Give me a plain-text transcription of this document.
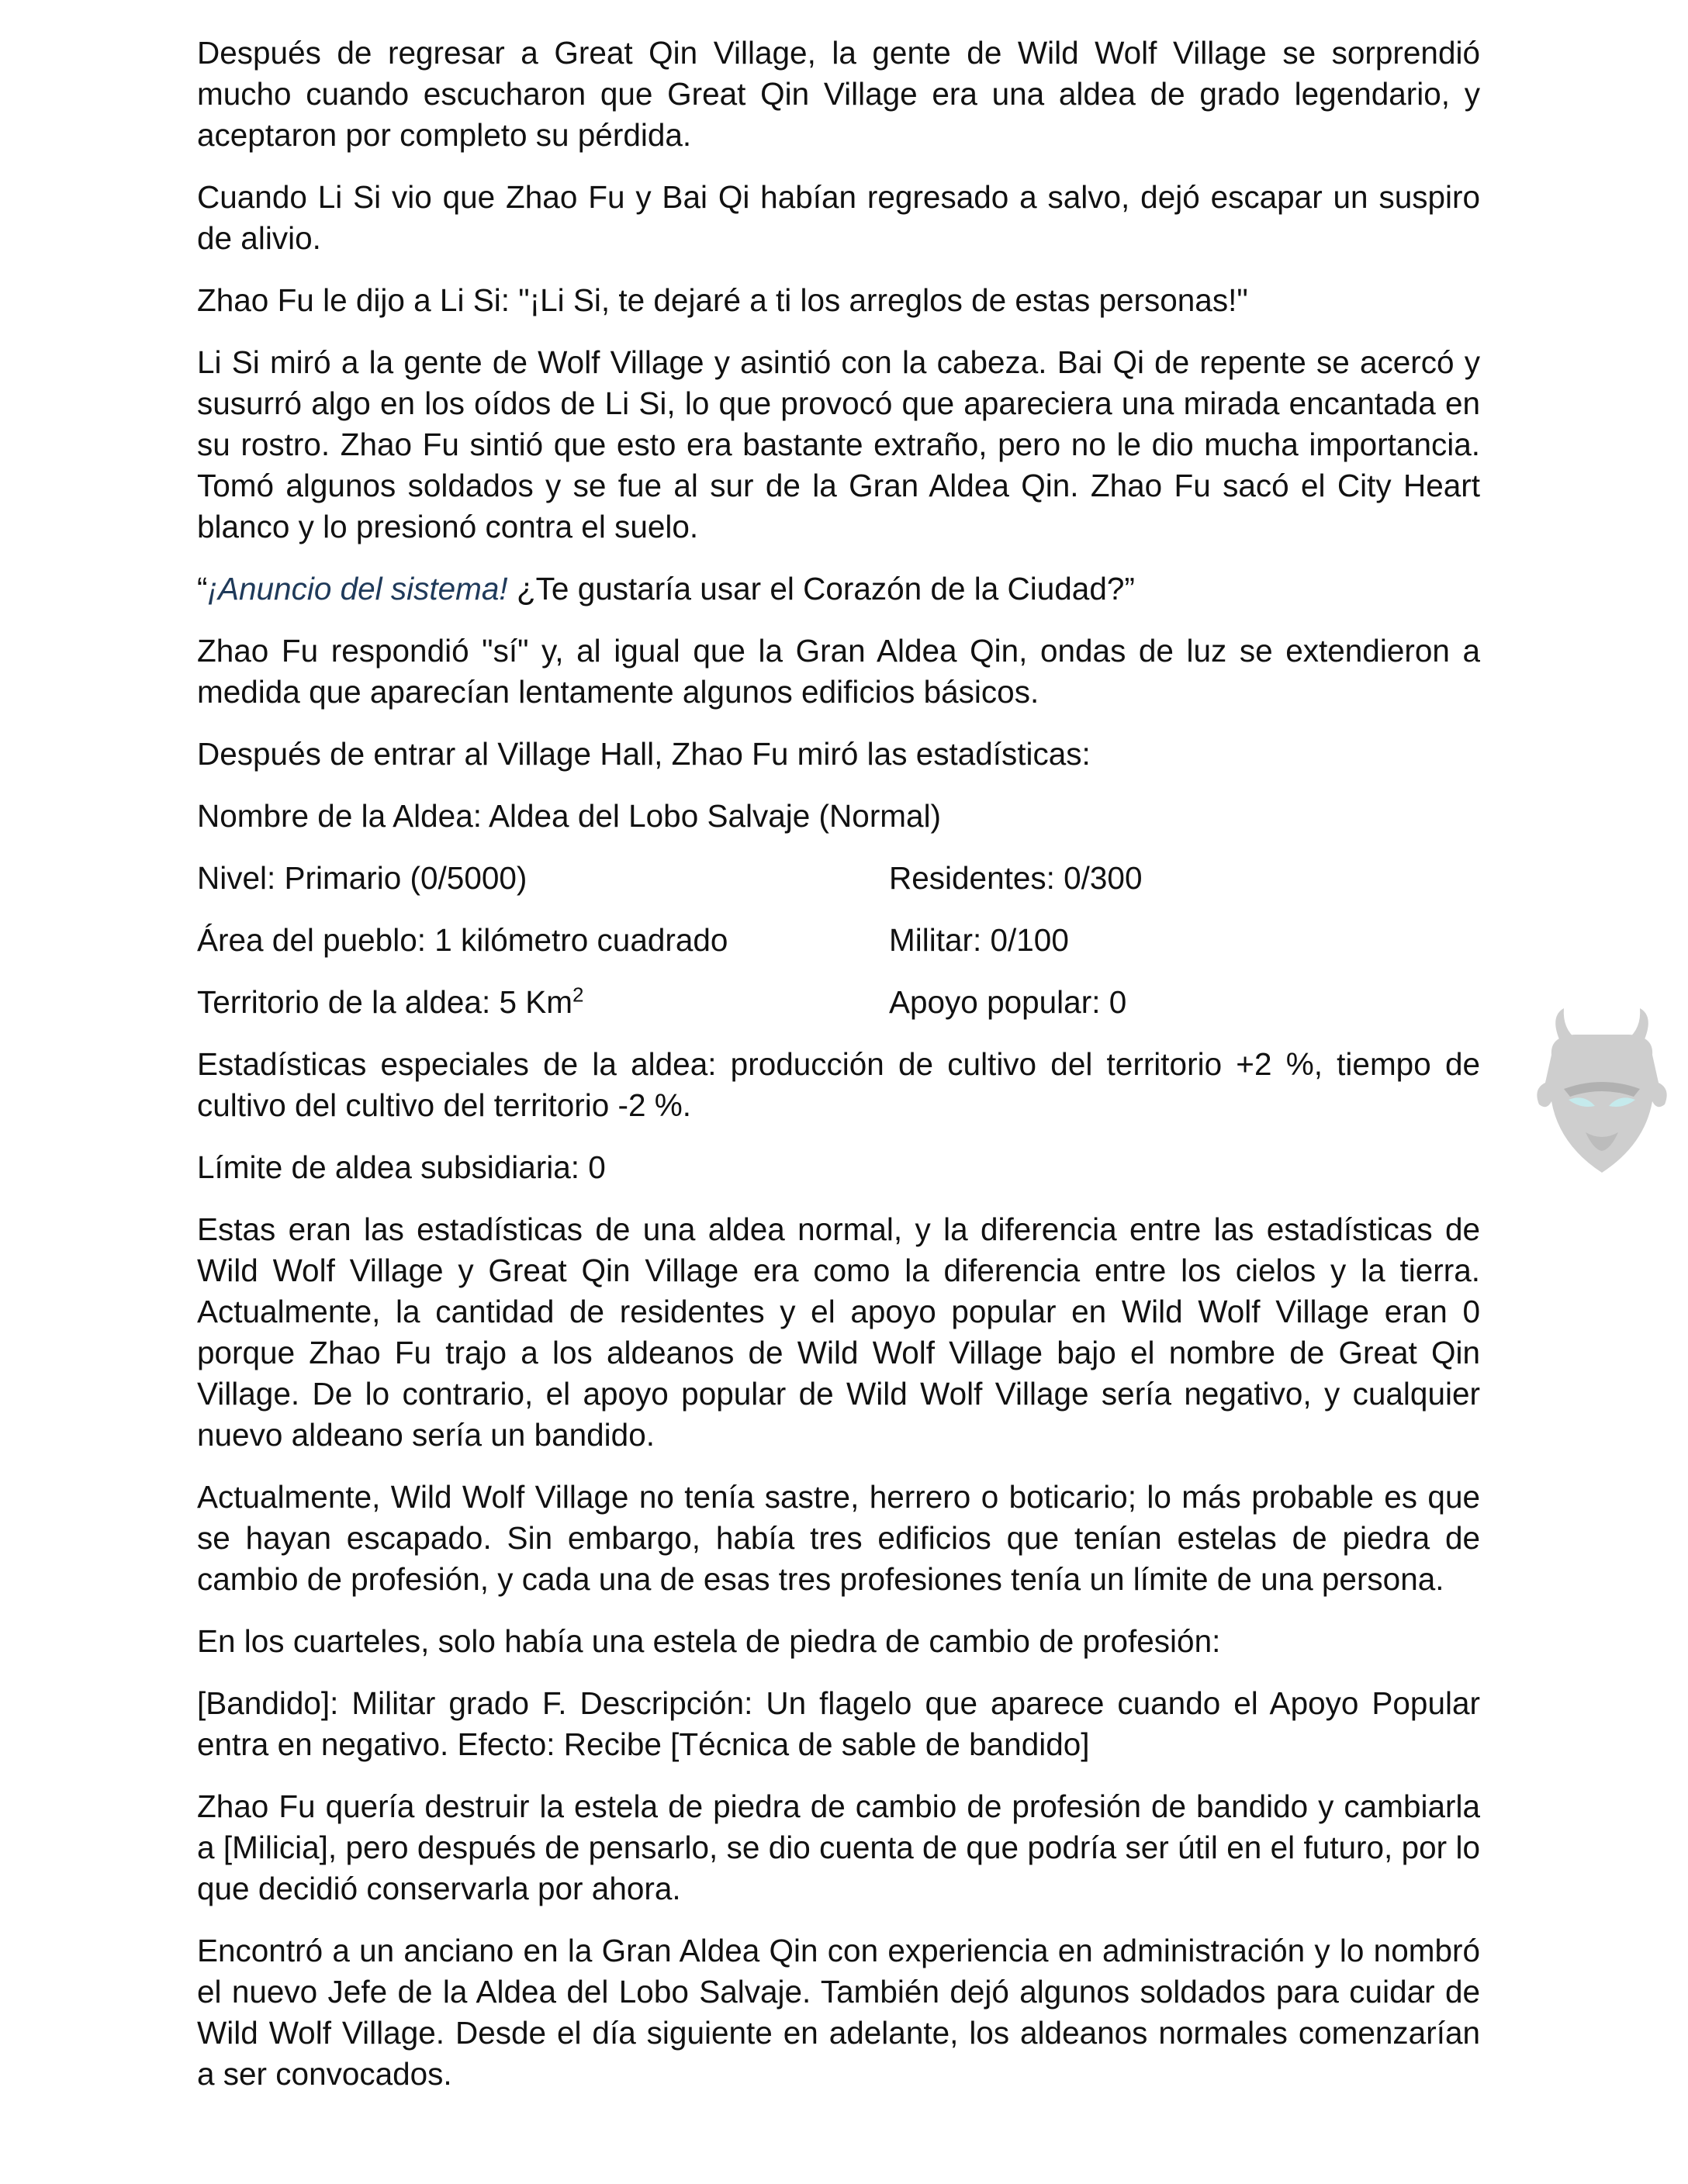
Después de regresar a Great Qin Village, la gente de Wild Wolf Village se sorprendió mucho cuando escucharon que Great Qin Village era una aldea de grado legendario, y aceptaron por completo su pérdida.

Cuando Li Si vio que Zhao Fu y Bai Qi habían regresado a salvo, dejó escapar un suspiro de alivio.

Zhao Fu le dijo a Li Si: "¡Li Si, te dejaré a ti los arreglos de estas personas!"

Li Si miró a la gente de Wolf Village y asintió con la cabeza. Bai Qi de repente se acercó y susurró algo en los oídos de Li Si, lo que provocó que apareciera una mirada encantada en su rostro. Zhao Fu sintió que esto era bastante extraño, pero no le dio mucha importancia. Tomó algunos soldados y se fue al sur de la Gran Aldea Qin. Zhao Fu sacó el City Heart blanco y lo presionó contra el suelo.

“¡Anuncio del sistema! ¿Te gustaría usar el Corazón de la Ciudad?”

Zhao Fu respondió "sí" y, al igual que la Gran Aldea Qin, ondas de luz se extendieron a medida que aparecían lentamente algunos edificios básicos.

Después de entrar al Village Hall, Zhao Fu miró las estadísticas:

Nombre de la Aldea: Aldea del Lobo Salvaje (Normal)

Nivel: Primario (0/5000)	Residentes: 0/300
Área del pueblo: 1 kilómetro cuadrado	Militar: 0/100
Territorio de la aldea: 5 Km$^2$	Apoyo popular: 0

Estadísticas especiales de la aldea: producción de cultivo del territorio +2 %, tiempo de cultivo del cultivo del territorio -2 %.

Límite de aldea subsidiaria: 0

Estas eran las estadísticas de una aldea normal, y la diferencia entre las estadísticas de Wild Wolf Village y Great Qin Village era como la diferencia entre los cielos y la tierra. Actualmente, la cantidad de residentes y el apoyo popular en Wild Wolf Village eran 0 porque Zhao Fu trajo a los aldeanos de Wild Wolf Village bajo el nombre de Great Qin Village. De lo contrario, el apoyo popular de Wild Wolf Village sería negativo, y cualquier nuevo aldeano sería un bandido.

Actualmente, Wild Wolf Village no tenía sastre, herrero o boticario; lo más probable es que se hayan escapado. Sin embargo, había tres edificios que tenían estelas de piedra de cambio de profesión, y cada una de esas tres profesiones tenía un límite de una persona.

En los cuarteles, solo había una estela de piedra de cambio de profesión:

[Bandido]: Militar grado F. Descripción: Un flagelo que aparece cuando el Apoyo Popular entra en negativo. Efecto: Recibe [Técnica de sable de bandido]

Zhao Fu quería destruir la estela de piedra de cambio de profesión de bandido y cambiarla a [Milicia], pero después de pensarlo, se dio cuenta de que podría ser útil en el futuro, por lo que decidió conservarla por ahora.

Encontró a un anciano en la Gran Aldea Qin con experiencia en administración y lo nombró el nuevo Jefe de la Aldea del Lobo Salvaje. También dejó algunos soldados para cuidar de Wild Wolf Village. Desde el día siguiente en adelante, los aldeanos normales comenzarían a ser convocados.
